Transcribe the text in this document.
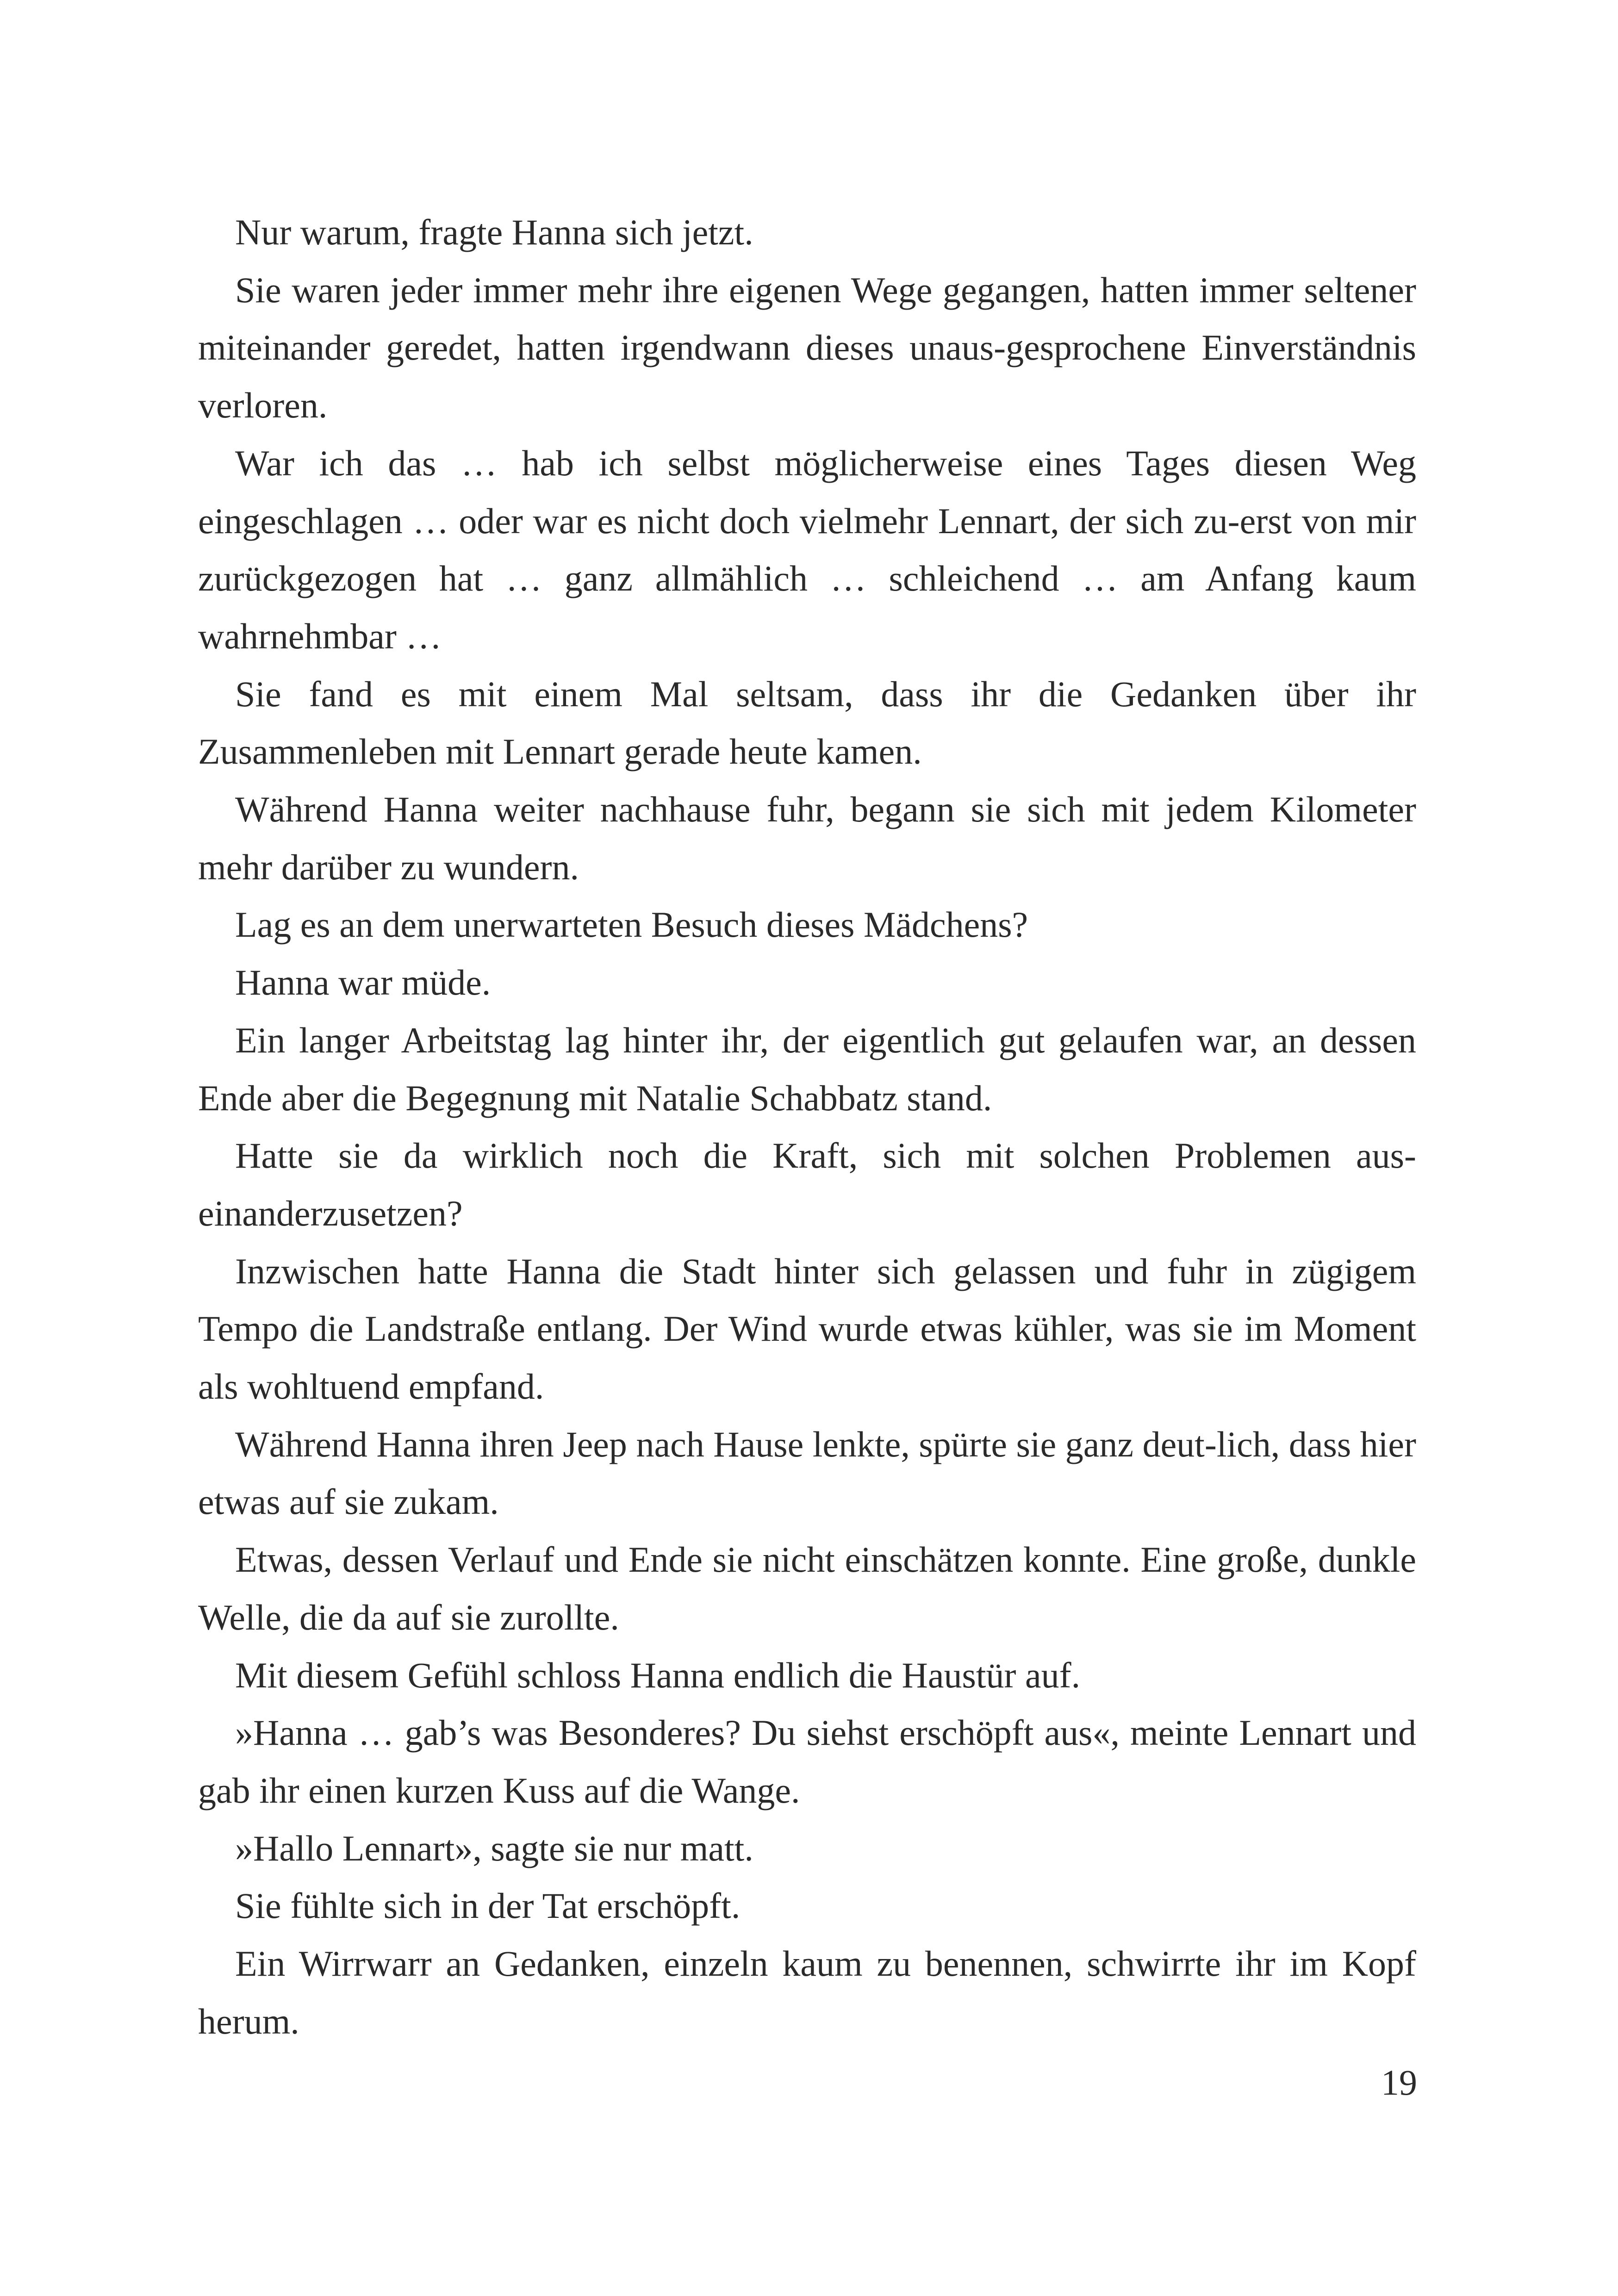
Nur warum, fragte Hanna sich jetzt.

Sie waren jeder immer mehr ihre eigenen Wege gegangen, hatten immer seltener miteinander geredet, hatten irgendwann dieses unaus-gesprochene Einverständnis verloren.

War ich das … hab ich selbst möglicherweise eines Tages diesen Weg eingeschlagen … oder war es nicht doch vielmehr Lennart, der sich zu-erst von mir zurückgezogen hat … ganz allmählich … schleichend … am Anfang kaum wahrnehmbar …

Sie fand es mit einem Mal seltsam, dass ihr die Gedanken über ihr Zusammenleben mit Lennart gerade heute kamen.

Während Hanna weiter nachhause fuhr, begann sie sich mit jedem Kilometer mehr darüber zu wundern.

Lag es an dem unerwarteten Besuch dieses Mädchens?

Hanna war müde.

Ein langer Arbeitstag lag hinter ihr, der eigentlich gut gelaufen war, an dessen Ende aber die Begegnung mit Natalie Schabbatz stand.

Hatte sie da wirklich noch die Kraft, sich mit solchen Problemen aus-einanderzusetzen?

Inzwischen hatte Hanna die Stadt hinter sich gelassen und fuhr in zügigem Tempo die Landstraße entlang. Der Wind wurde etwas kühler, was sie im Moment als wohltuend empfand.

Während Hanna ihren Jeep nach Hause lenkte, spürte sie ganz deut-lich, dass hier etwas auf sie zukam.

Etwas, dessen Verlauf und Ende sie nicht einschätzen konnte. Eine große, dunkle Welle, die da auf sie zurollte.

Mit diesem Gefühl schloss Hanna endlich die Haustür auf.

»Hanna … gab’s was Besonderes? Du siehst erschöpft aus«, meinte Lennart und gab ihr einen kurzen Kuss auf die Wange.

»Hallo Lennart», sagte sie nur matt.

Sie fühlte sich in der Tat erschöpft.

Ein Wirrwarr an Gedanken, einzeln kaum zu benennen, schwirrte ihr im Kopf herum.

19
